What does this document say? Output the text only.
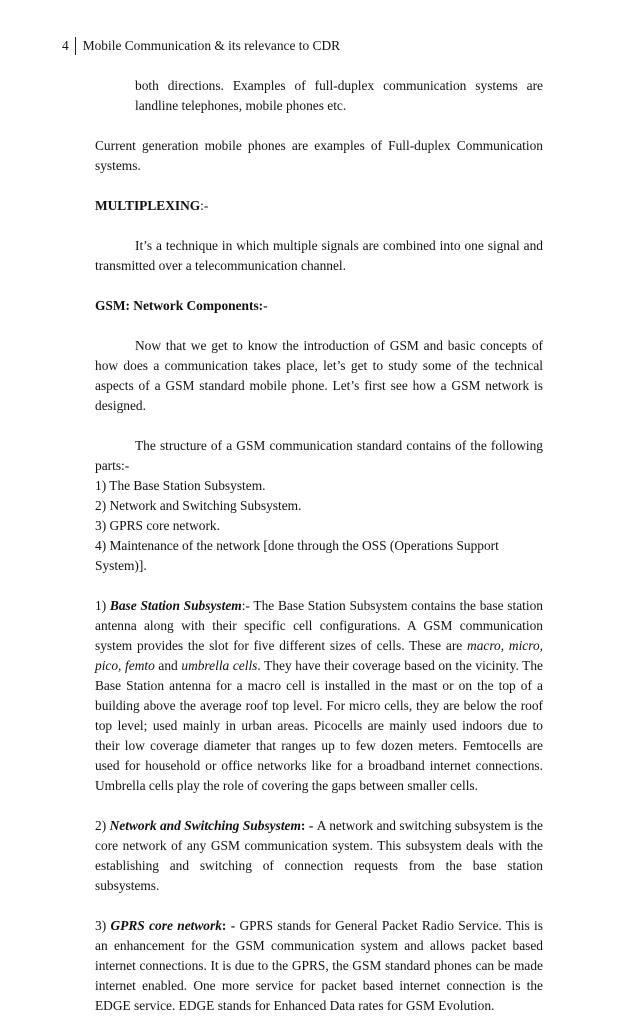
4	Mobile Communication & its relevance to CDR

both directions. Examples of full-duplex communication systems are landline telephones, mobile phones etc.

Current generation mobile phones are examples of Full-duplex Communication systems.

MULTIPLEXING:-

It’s a technique in which multiple signals are combined into one signal and transmitted over a telecommunication channel.

GSM: Network Components:-

Now that we get to know the introduction of GSM and basic concepts of how does a communication takes place, let’s get to study some of the technical aspects of a GSM standard mobile phone. Let’s first see how a GSM network is designed.

The structure of a GSM communication standard contains of the following parts:-

1) The Base Station Subsystem.
2) Network and Switching Subsystem.
3) GPRS core network.
4) Maintenance of the network [done through the OSS (Operations Support System)].

1) Base Station Subsystem:- The Base Station Subsystem contains the base station antenna along with their specific cell configurations. A GSM communication system provides the slot for five different sizes of cells. These are macro, micro, pico, femto and umbrella cells. They have their coverage based on the vicinity. The Base Station antenna for a macro cell is installed in the mast or on the top of a building above the average roof top level. For micro cells, they are below the roof top level; used mainly in urban areas. Picocells are mainly used indoors due to their low coverage diameter that ranges up to few dozen meters. Femtocells are used for household or office networks like for a broadband internet connections. Umbrella cells play the role of covering the gaps between smaller cells.

2) Network and Switching Subsystem: - A network and switching subsystem is the core network of any GSM communication system. This subsystem deals with the establishing and switching of connection requests from the base station subsystems.

3) GPRS core network: - GPRS stands for General Packet Radio Service. This is an enhancement for the GSM communication system and allows packet based internet connections. It is due to the GPRS, the GSM standard phones can be made internet enabled. One more service for packet based internet connection is the EDGE service. EDGE stands for Enhanced Data rates for GSM Evolution.
